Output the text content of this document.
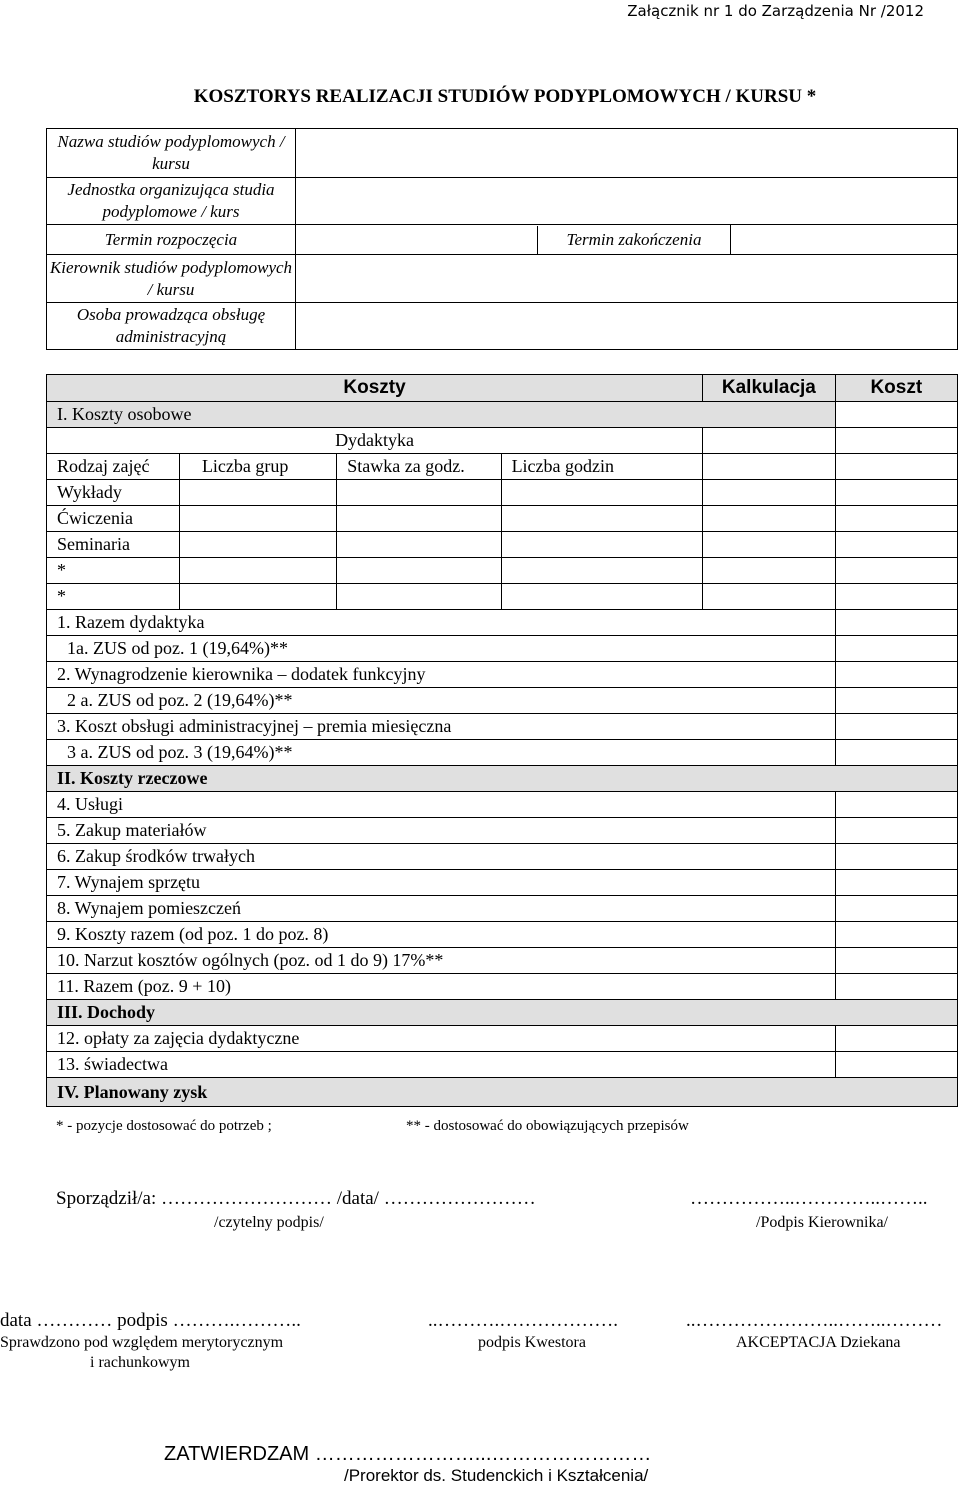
Załącznik nr 1 do Zarządzenia Nr /2012
KOSZTORYS REALIZACJI STUDIÓW PODYPLOMOWYCH / KURSU *
Nazwa studiów podyplomowych / kursu		
Jednostka organizująca studia podyplomowe / kurs		
Termin rozpoczęcia	Termin zakończenia	

Kierownik studiów podyplomowych / kursu		
Osoba prowadząca obsługę administracyjną		
Koszty				Kalkulacja	Koszt
I. Koszty osobowe					
Dydaktyka					
Rodzaj zajęć	Liczba grup	Stawka za godz.	Liczba godzin		
Wykłady					
Ćwiczenia					
Seminaria					
*					
*					
1. Razem dydaktyka					
1a. ZUS od poz. 1 (19,64%)**					
2. Wynagrodzenie kierownika – dodatek funkcyjny					
2 a. ZUS od poz. 2 (19,64%)**					
3. Koszt obsługi administracyjnej – premia miesięczna					
3 a. ZUS od poz. 3 (19,64%)**					
II. Koszty rzeczowe					
4. Usługi					
5. Zakup materiałów					
6. Zakup środków trwałych					
7. Wynajem sprzętu					
8. Wynajem pomieszczeń					
9. Koszty razem (od poz. 1 do poz. 8)					
10. Narzut kosztów ogólnych (poz. od 1 do 9) 17%**					
11. Razem (poz. 9 + 10)					
III. Dochody					
12. opłaty za zajęcia dydaktyczne					
13. świadectwa					
IV. Planowany zysk					
* - pozycje dostosować do potrzeb ;	** - dostosować do obowiązujących przepisów
Sporządził/a: ……………………… /data/ ……………………	……………..…………..……..
/czytelny podpis/	/Podpis Kierownika/
data ………… podpis ……….………..	..……….……………….	..…………………..……..………
Sprawdzono pod względem merytorycznym
i rachunkowym
podpis Kwestora	AKCEPTACJA Dziekana
ZATWIERDZAM ……………………...……………………
/Prorektor ds. Studenckich i Kształcenia/
